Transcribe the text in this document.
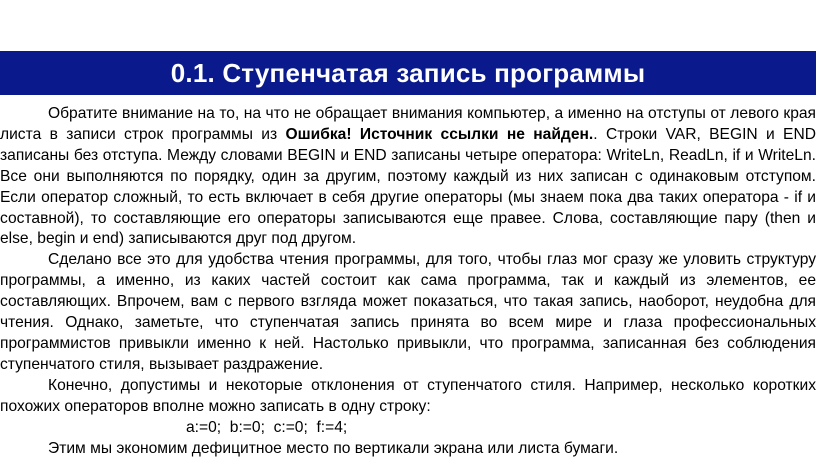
0.1. Ступенчатая запись программы

Обратите внимание на то, на что не обращает внимания компьютер, а именно на отступы от левого края листа в записи строк программы из Ошибка! Источник ссылки не найден.. Строки VAR, BEGIN и END записаны без отступа. Между словами BEGIN и END записаны четыре оператора: WriteLn, ReadLn, if и WriteLn. Все они выполняются по порядку, один за другим, поэтому каждый из них записан с одинаковым отступом. Если оператор сложный, то есть включает в себя другие операторы (мы знаем пока два таких оператора - if и составной), то составляющие его операторы записываются еще правее. Слова, составляющие пару (then и else, begin и end) записываются друг под другом.

Сделано все это для удобства чтения программы, для того, чтобы глаз мог сразу же уловить структуру программы, а именно, из каких частей состоит как сама программа, так и каждый из элементов, ее составляющих. Впрочем, вам с первого взгляда может показаться, что такая запись, наоборот, неудобна для чтения. Однако, заметьте, что ступенчатая запись принята во всем мире и глаза профессиональных программистов привыкли именно к ней. Настолько привыкли, что программа, записанная без соблюдения ступенчатого стиля, вызывает раздражение.

Конечно, допустимы и некоторые отклонения от ступенчатого стиля. Например, несколько коротких похожих операторов вполне можно записать в одну строку:

a:=0;  b:=0;  c:=0;  f:=4;

Этим мы экономим дефицитное место по вертикали экрана или листа бумаги.
